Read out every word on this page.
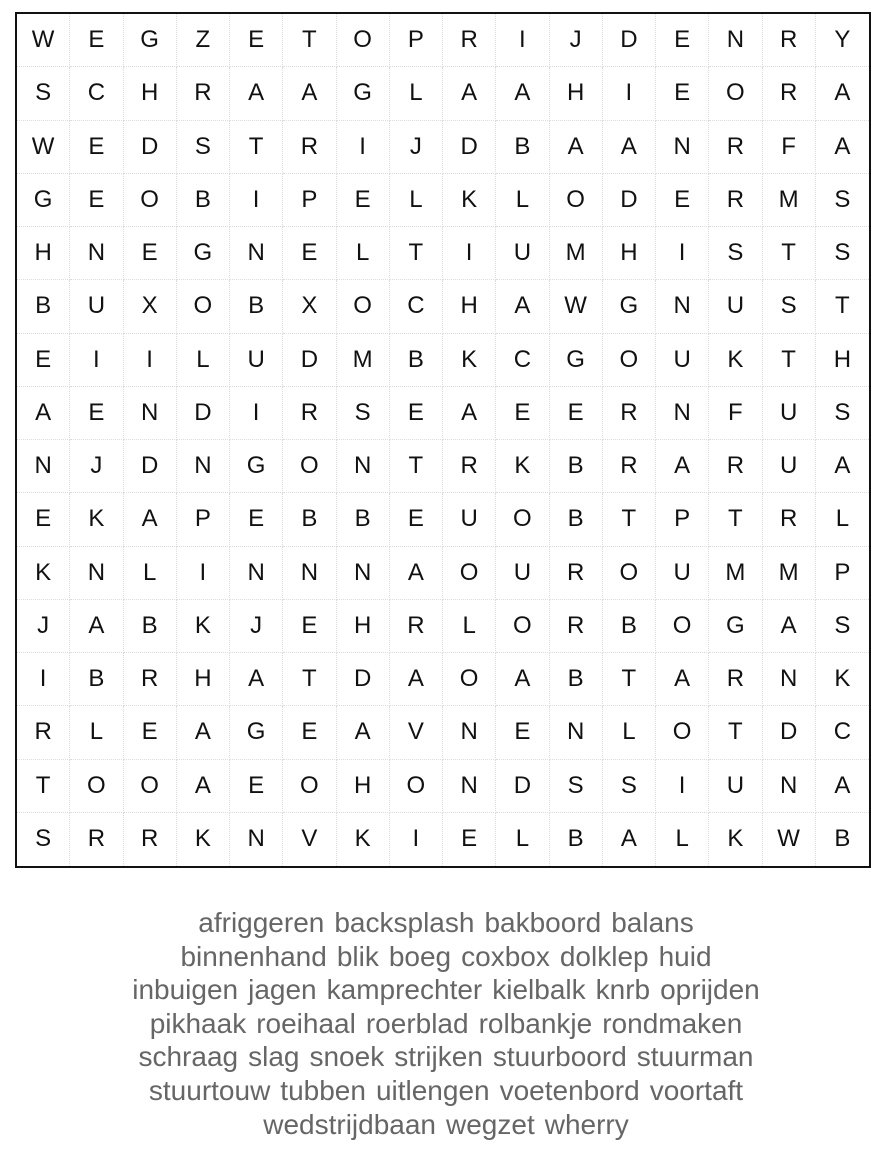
W	E	G	Z	E	T	O	P	R	I	J	D	E	N	R	Y
S	C	H	R	A	A	G	L	A	A	H	I	E	O	R	A
W	E	D	S	T	R	I	J	D	B	A	A	N	R	F	A
G	E	O	B	I	P	E	L	K	L	O	D	E	R	M	S
H	N	E	G	N	E	L	T	I	U	M	H	I	S	T	S
B	U	X	O	B	X	O	C	H	A	W	G	N	U	S	T
E	I	I	L	U	D	M	B	K	C	G	O	U	K	T	H
A	E	N	D	I	R	S	E	A	E	E	R	N	F	U	S
N	J	D	N	G	O	N	T	R	K	B	R	A	R	U	A
E	K	A	P	E	B	B	E	U	O	B	T	P	T	R	L
K	N	L	I	N	N	N	A	O	U	R	O	U	M	M	P
J	A	B	K	J	E	H	R	L	O	R	B	O	G	A	S
I	B	R	H	A	T	D	A	O	A	B	T	A	R	N	K
R	L	E	A	G	E	A	V	N	E	N	L	O	T	D	C
T	O	O	A	E	O	H	O	N	D	S	S	I	U	N	A
S	R	R	K	N	V	K	I	E	L	B	A	L	K	W	B
afriggeren backsplash bakboord balans
binnenhand blik boeg coxbox dolklep huid
inbuigen jagen kamprechter kielbalk knrb oprijden
pikhaak roeihaal roerblad rolbankje rondmaken
schraag slag snoek strijken stuurboord stuurman
stuurtouw tubben uitlengen voetenbord voortaft
wedstrijdbaan wegzet wherry
